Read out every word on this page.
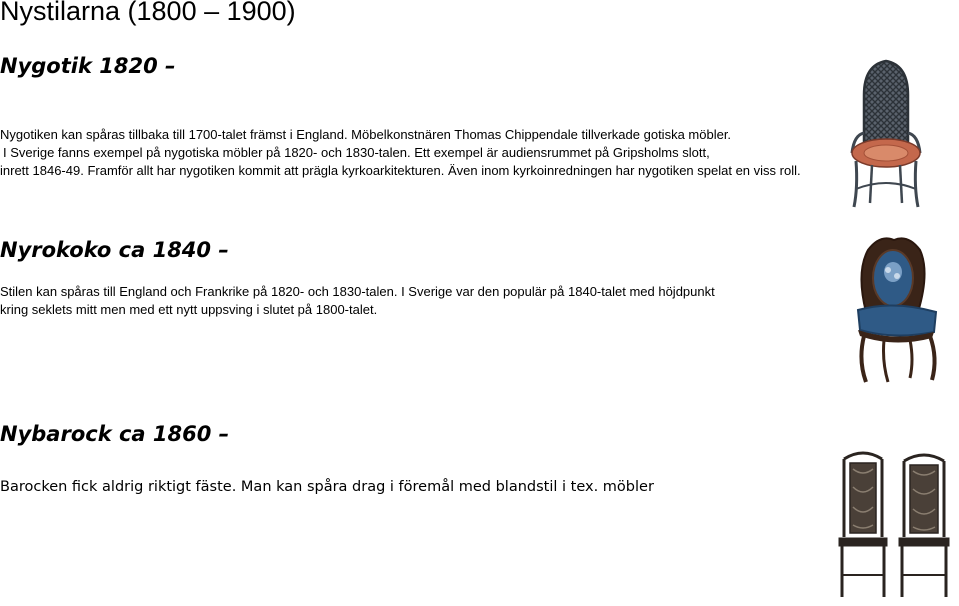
Nystilarna (1800 – 1900)
Nygotik 1820 –

Nygotiken kan spåras tillbaka till 1700-talet främst i England. Möbelkonstnären Thomas Chippendale tillverkade gotiska möbler.

I Sverige fanns exempel på nygotiska möbler på 1820- och 1830-talen. Ett exempel är audiensrummet på Gripsholms slott,

inrett 1846-49. Framför allt har nygotiken kommit att prägla kyrkoarkitekturen. Även inom kyrkoinredningen har nygotiken spelat en viss roll.

Nyrokoko ca 1840 –

Stilen kan spåras till England och Frankrike på 1820- och 1830-talen. I Sverige var den populär på 1840-talet med höjdpunkt

kring seklets mitt men med ett nytt uppsving i slutet på 1800-talet.

Nybarock ca 1860 –

Barocken fick aldrig riktigt fäste. Man kan spåra drag i föremål med blandstil i tex. möbler
